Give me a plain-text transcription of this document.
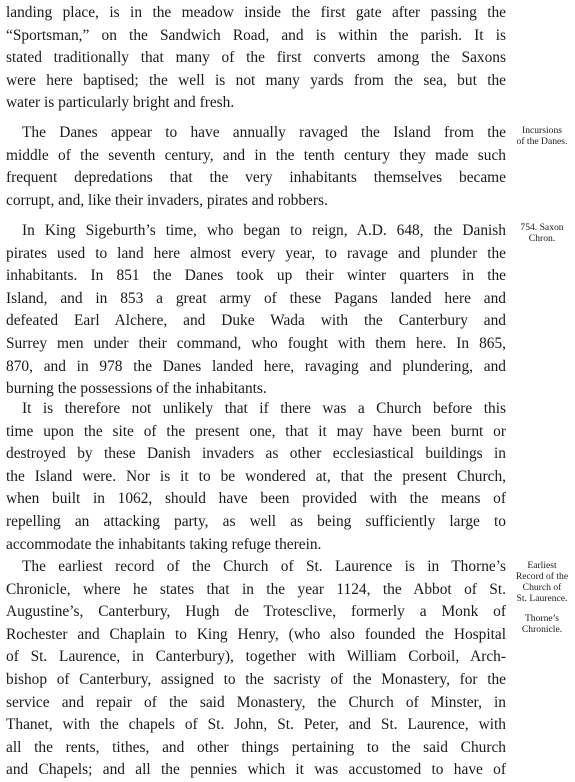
landing place, is in the meadow inside the first gate after passing the
“Sportsman,” on the Sandwich Road, and is within the parish. It is
stated traditionally that many of the first converts among the Saxons
were here baptised; the well is not many yards from the sea, but the
water is particularly bright and fresh.
The Danes appear to have annually ravaged the Island from the
middle of the seventh century, and in the tenth century they made such
frequent depredations that the very inhabitants themselves became
corrupt, and, like their invaders, pirates and robbers.
In King Sigeburth’s time, who began to reign, A.D. 648, the Danish
pirates used to land here almost every year, to ravage and plunder the
inhabitants. In 851 the Danes took up their winter quarters in the
Island, and in 853 a great army of these Pagans landed here and
defeated Earl Alchere, and Duke Wada with the Canterbury and
Surrey men under their command, who fought with them here. In 865,
870, and in 978 the Danes landed here, ravaging and plundering, and
burning the possessions of the inhabitants.
It is therefore not unlikely that if there was a Church before this
time upon the site of the present one, that it may have been burnt or
destroyed by these Danish invaders as other ecclesiastical buildings in
the Island were. Nor is it to be wondered at, that the present Church,
when built in 1062, should have been provided with the means of
repelling an attacking party, as well as being sufficiently large to
accommodate the inhabitants taking refuge therein.
The earliest record of the Church of St. Laurence is in Thorne’s
Chronicle, where he states that in the year 1124, the Abbot of St.
Augustine’s, Canterbury, Hugh de Trotesclive, formerly a Monk of
Rochester and Chaplain to King Henry, (who also founded the Hospital
of St. Laurence, in Canterbury), together with William Corboil, Arch-
bishop of Canterbury, assigned to the sacristy of the Monastery, for the
service and repair of the said Monastery, the Church of Minster, in
Thanet, with the chapels of St. John, St. Peter, and St. Laurence, with
all the rents, tithes, and other things pertaining to the said Church
and Chapels; and all the pennies which it was accustomed to have of
Incursions
of the Danes.
754. Saxon
Chron.
Earliest
Record of the
Church of
St. Laurence.
Thorne’s
Chronicle.
